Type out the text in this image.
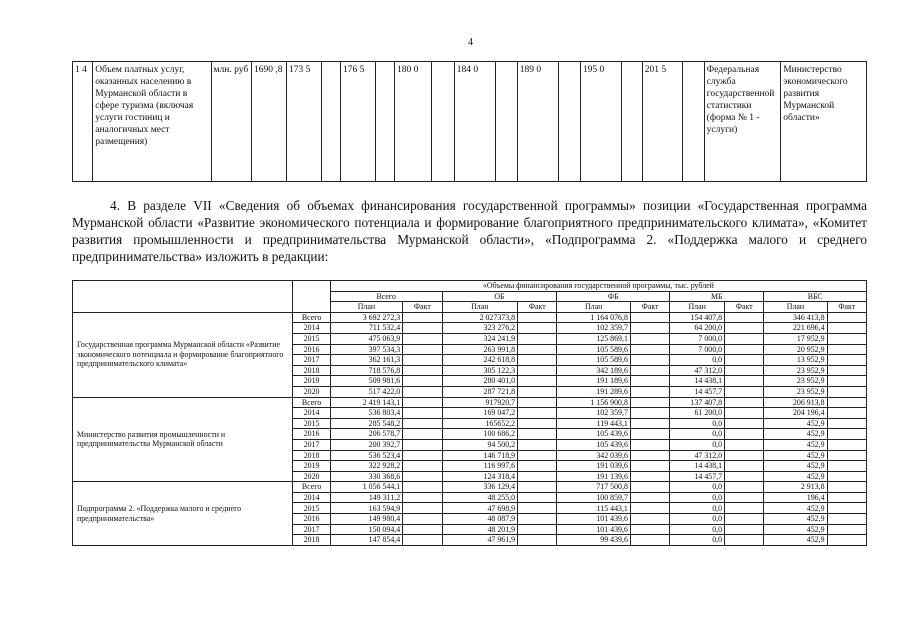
4
1 4	Объем платных услуг, оказанных населению в Мурманской области в сфере туризма (включая услуги гостиниц и аналогичных мест размещения)	млн. руб	1690 ,8	173 5		176 5		180 0		184 0		189 0		195 0		201 5		Федеральная служба государственной статистики (форма № 1 - услуги)	Министерство экономического развития Мурманской области»

4. В разделе VII «Сведения об объемах финансирования государственной программы» позиции «Государственная программа Мурманской области «Развитие экономического потенциала и формирование благоприятного предпринимательского климата», «Комитет развития промышленности и предпринимательства Мурманской области», «Подпрограмма 2. «Поддержка малого и среднего предпринимательства» изложить в редакции:

		«Объемы финансирования государственной программы, тыс. рублей									
		Всего		ОБ		ФБ		МБ		ВБС	
		План	Факт	План	Факт	План	Факт	План	Факт	План	Факт
Государственная программа Мурманской области «Развитие экономического потенциала и формирование благоприятного предпринимательского климата»	Всего	3 692 272,3		2 027373,8		1 164 076,8		154 407,8		346 413,8	
	2014	711 532,4		323 276,2		102 359,7		64 200,0		221 696,4	
	2015	475 063,9		324 241,9		125 869,1		7 000,0		17 952,9	
	2016	397 534,3		263 991,8		105 589,6		7 000,0		20 952,9	
	2017	362 161,3		242 618,8		105 589,6		0,0		13 952,9	
	2018	718 576,8		305 122,3		342 189,6		47 312,0		23 952,9	
	2019	509 981,6		280 401,0		191 189,6		14 438,1		23 952,9	
	2020	517 422,0		287 721,8		191 289,6		14 457,7		23 952,9	
Министерство развития промышленности и предпринимательства Мурманской области	Всего	2 419 143,1		917920,7		1 156 900,8		137 407,8		206 913,8	
	2014	536 803,4		169 047,2		102 359,7		61 200,0		204 196,4	
	2015	285 548,2		165652,2		119 443,1		0,0		452,9	
	2016	206 578,7		100 686,2		105 439,6		0,0		452,9	
	2017	200 392,7		94 500,2		105 439,6		0,0		452,9	
	2018	536 523,4		146 718,9		342 039,6		47 312,0		452,9	
	2019	322 928,2		116 997,6		191 039,6		14 438,1		452,9	
	2020	330 368,6		124 318,4		191 139,6		14 457,7		452,9	
Подпрограмма 2. «Поддержка малого и среднего предпринимательства»	Всего	1 056 544,1		336 129,4		717 500,8		0,0		2 913,8	
	2014	149 311,2		48 255,0		100 859,7		0,0		196,4	
	2015	163 594,9		47 698,9		115 443,1		0,0		452,9	
	2016	149 980,4		48 087,9		101 439,6		0,0		452,9	
	2017	150 094,4		48 201,9		101 439,6		0,0		452,9	
	2018	147 854,4		47 961,9		99 439,6		0,0		452,9	
